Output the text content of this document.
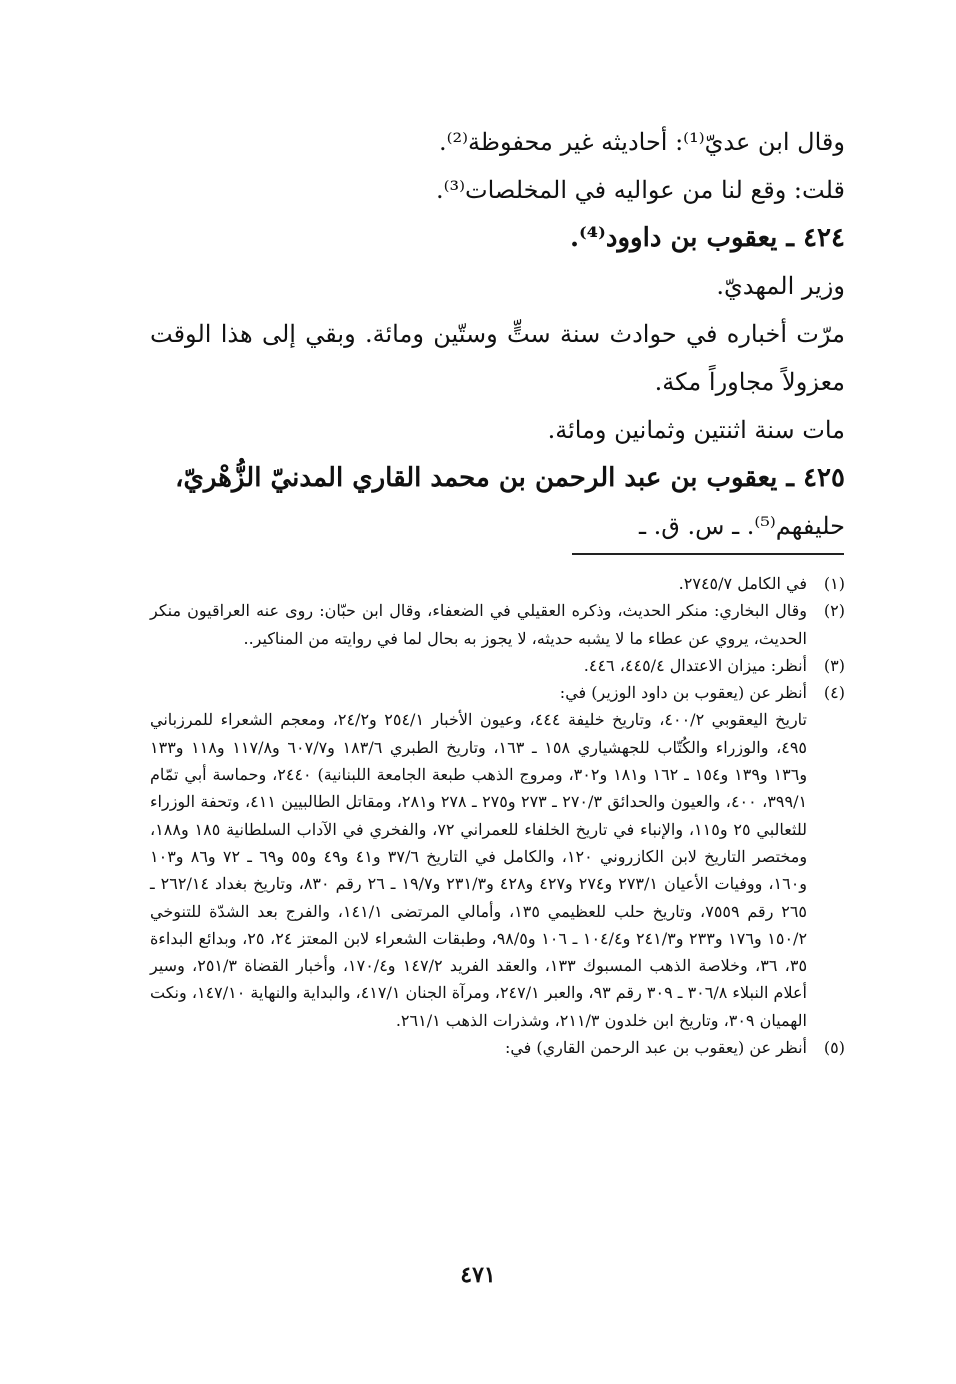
وقال ابن عديّ⁽¹⁾: أحاديثه غير محفوظة⁽²⁾.

قلت: وقع لنا من عواليه في المخلصات⁽³⁾.

٤٢٤ ـ يعقوب بن داوود⁽⁴⁾.

وزير المهديّ.

مرّت أخباره في حوادث سنة ستٍّ وستّين ومائة. وبقي إلى هذا الوقت معزولاً مجاوراً مكة.

مات سنة اثنتين وثمانين ومائة.

٤٢٥ ـ يعقوب بن عبد الرحمن بن محمد القاري المدنيّ الزُّهْريّ،

حليفهم⁽⁵⁾. ـ س. ق. ـ

(١)
في الكامل ٢٧٤٥/٧.
(٢)
وقال البخاري: منكر الحديث، وذكره العقيلي في الضعفاء، وقال ابن حبّان: روى عنه العراقيون منكر الحديث، يروي عن عطاء ما لا يشبه حديثه، لا يجوز به بحال لما في روايته من المناكير..
(٣)
أنظر: ميزان الاعتدال ٤٤٥/٤، ٤٤٦.
(٤)
أنظر عن (يعقوب بن داود الوزير) في:
تاريخ اليعقوبي ٤٠٠/٢، وتاريخ خليفة ٤٤٤، وعيون الأخبار ٢٥٤/١ و٢٤/٢، ومعجم الشعراء للمرزباني ٤٩٥، والوزراء والكُتّاب للجهشياري ١٥٨ ـ ١٦٣، وتاريخ الطبري ١٨٣/٦ و٦٠٧/٧ و١١٧/٨ و١١٨ و١٣٣ و١٣٦ و١٣٩ و١٥٤ ـ ١٦٢ و١٨١ و٣٠٢، ومروج الذهب طبعة الجامعة اللبنانية) ٢٤٤٠، وحماسة أبي تمّام ٣٩٩/١، ٤٠٠، والعيون والحدائق ٢٧٠/٣ ـ ٢٧٣ و٢٧٥ ـ ٢٧٨ و٢٨١، ومقاتل الطالبيين ٤١١، وتحفة الوزراء للثعالبي ٢٥ و١١٥، والإنباء في تاريخ الخلفاء للعمراني ٧٢، والفخري في الآداب السلطانية ١٨٥ و١٨٨، ومختصر التاريخ لابن الكازروني ١٢٠، والكامل في التاريخ ٣٧/٦ و٤١ و٤٩ و٥٥ و٦٩ ـ ٧٢ و٨٦ و١٠٣ و١٦٠، ووفيات الأعيان ٢٧٣/١ و٢٧٤ و٤٢٧ و٤٢٨ و٢٣١/٣ و١٩/٧ ـ ٢٦ رقم ٨٣٠، وتاريخ بغداد ٢٦٢/١٤ ـ ٢٦٥ رقم ٧٥٥٩، وتاريخ حلب للعظيمي ١٣٥، وأمالي المرتضى ١٤١/١، والفرج بعد الشدّة للتنوخي ١٥٠/٢ و١٧٦ و٢٣٣ و٢٤١/٣ و١٠٤/٤ ـ ١٠٦ و٩٨/٥، وطبقات الشعراء لابن المعتز ٢٤، ٢٥، وبدائع البداءة ٣٥، ٣٦، وخلاصة الذهب المسبوك ١٣٣، والعقد الفريد ١٤٧/٢ و١٧٠/٤، وأخبار القضاة ٢٥١/٣، وسير أعلام النبلاء ٣٠٦/٨ ـ ٣٠٩ رقم ٩٣، والعبر ٢٤٧/١، ومرآة الجنان ٤١٧/١، والبداية والنهاية ١٤٧/١٠، ونكت الهميان ٣٠٩، وتاريخ ابن خلدون ٢١١/٣، وشذرات الذهب ٢٦١/١.
(٥)
أنظر عن (يعقوب بن عبد الرحمن القاري) في:
٤٧١
